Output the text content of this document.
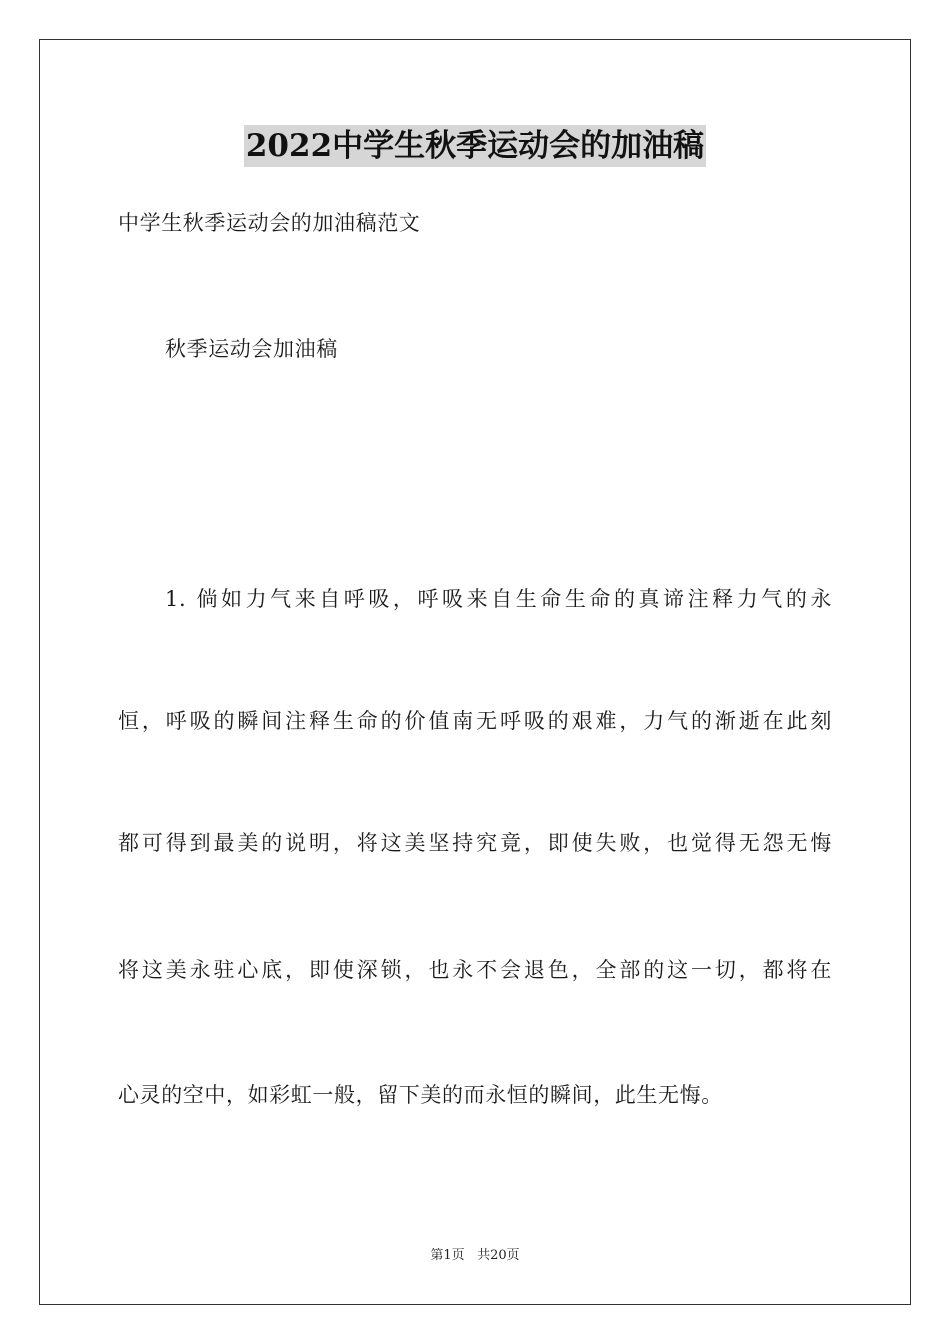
2022中学生秋季运动会的加油稿
中学生秋季运动会的加油稿范文
秋季运动会加油稿
1. 倘如力气来自呼吸，呼吸来自生命生命的真谛注释力气的永
恒，呼吸的瞬间注释生命的价值南无呼吸的艰难，力气的渐逝在此刻
都可得到最美的说明，将这美坚持究竟，即使失败，也觉得无怨无悔
将这美永驻心底，即使深锁，也永不会退色，全部的这一切，都将在
心灵的空中，如彩虹一般，留下美的而永恒的瞬间，此生无悔。
第1页 共20页
